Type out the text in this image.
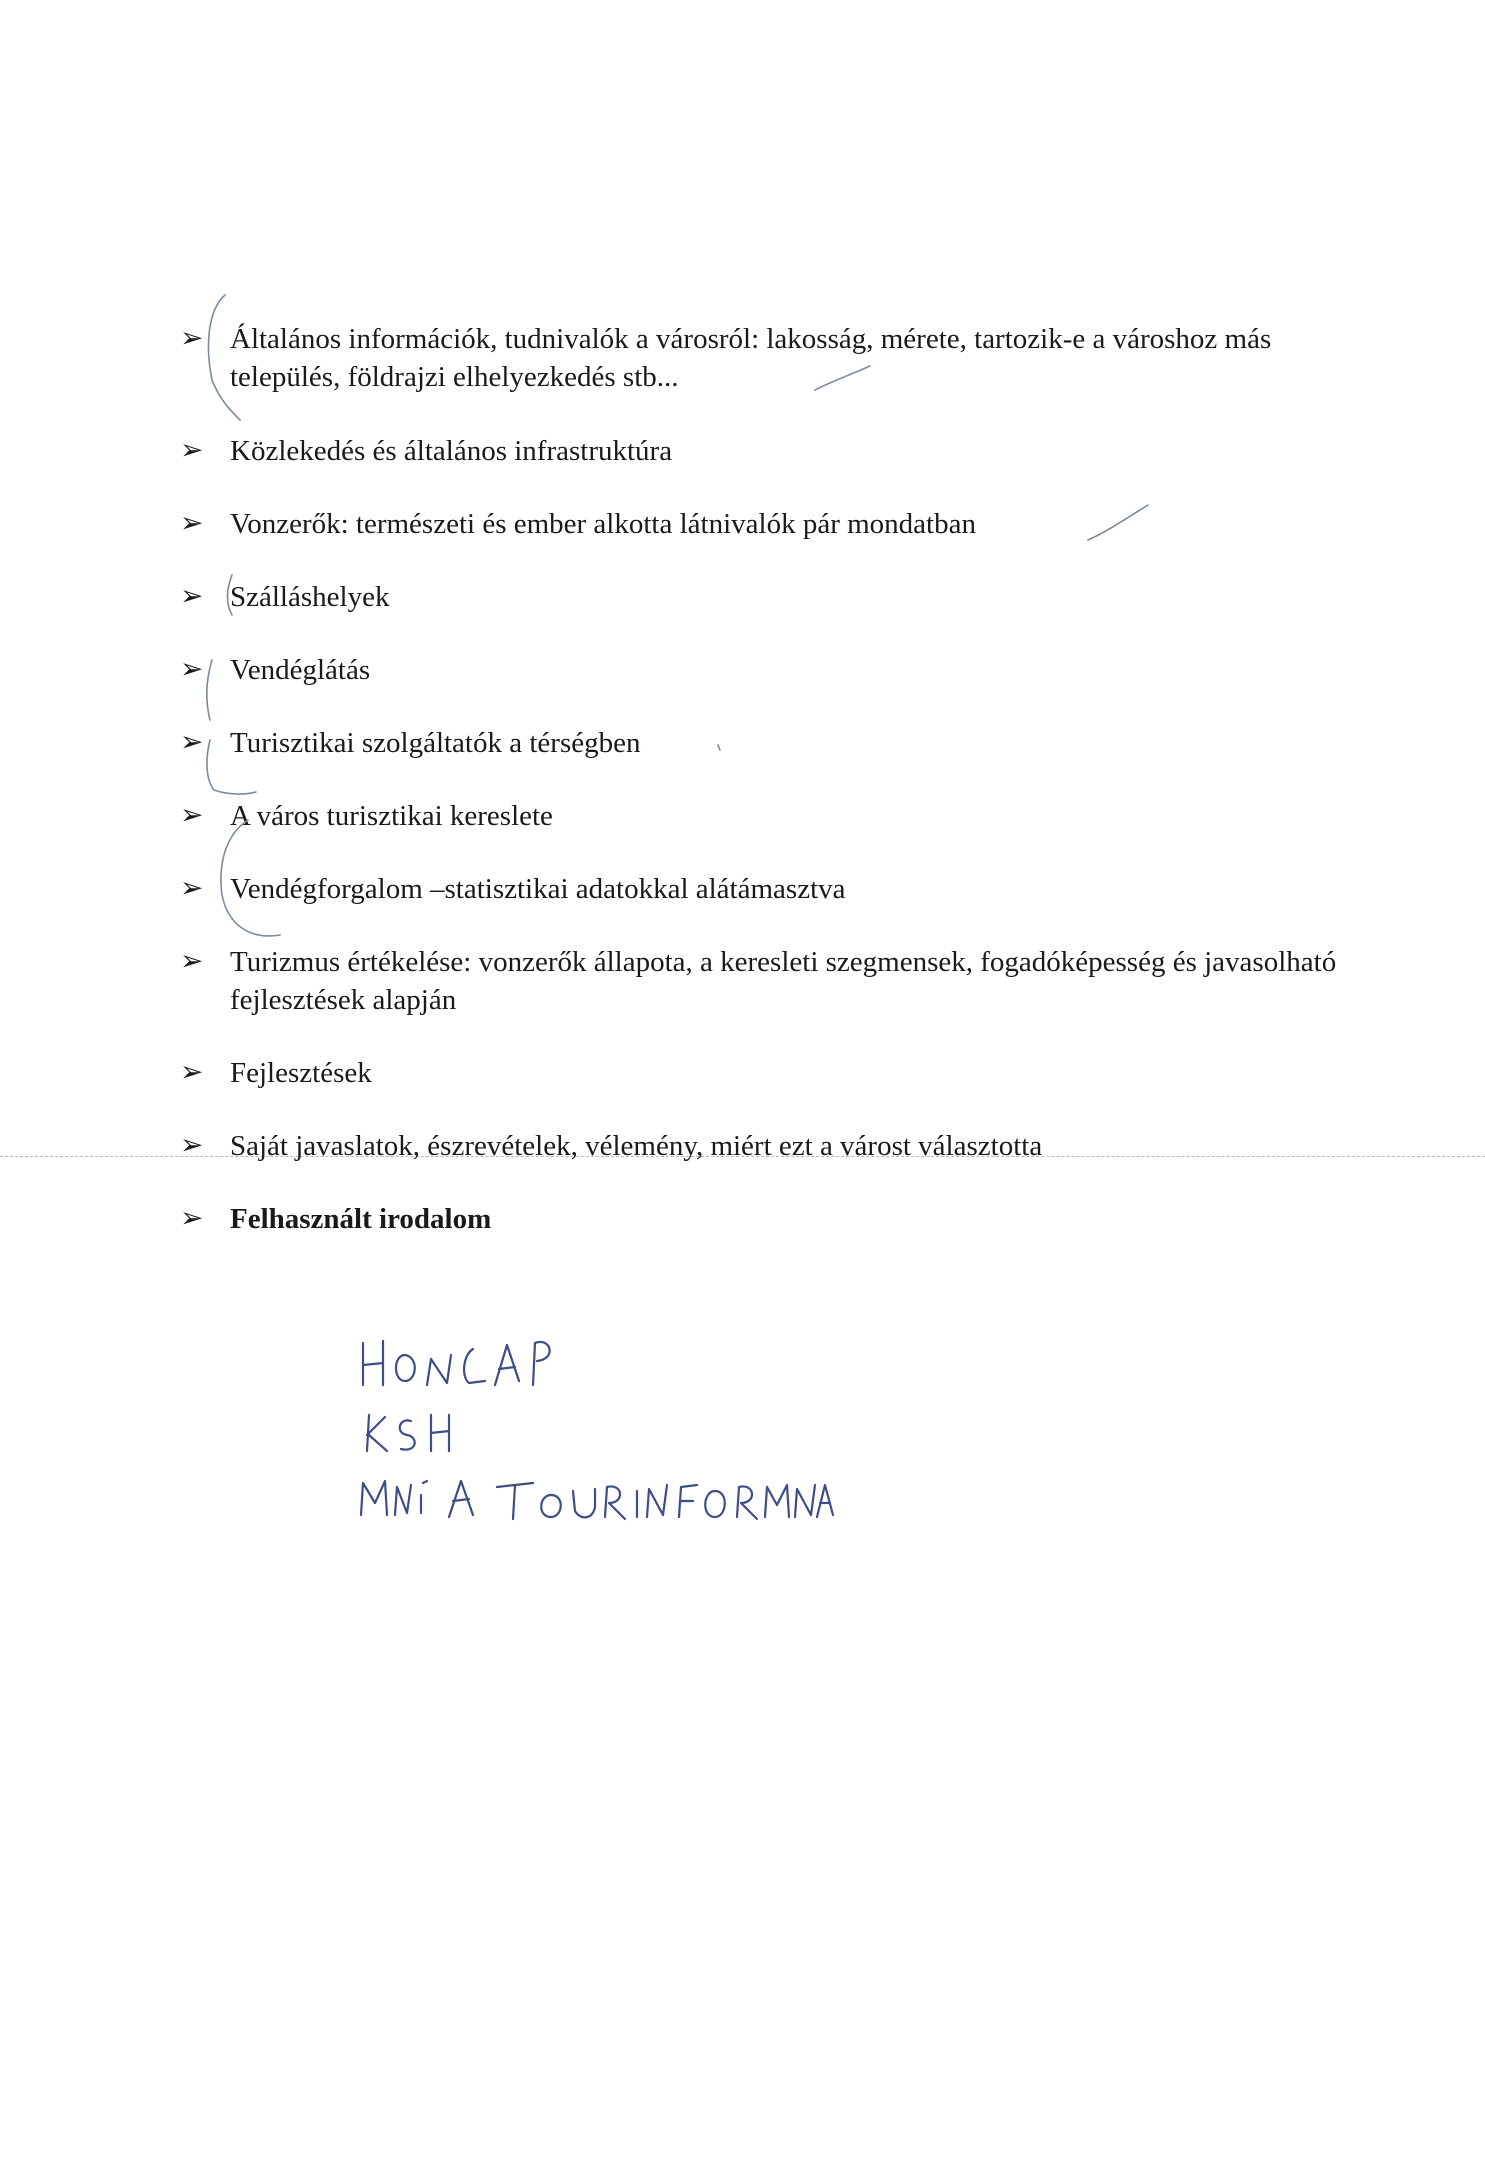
➢ Általános információk, tudnivalók a városról: lakosság, mérete, tartozik-e a városhoz más település, földrajzi elhelyezkedés stb...
➢ Közlekedés és általános infrastruktúra
➢ Vonzerők: természeti és ember alkotta látnivalók pár mondatban
➢ Szálláshelyek
➢ Vendéglátás
➢ Turisztikai szolgáltatók a térségben
➢ A város turisztikai kereslete
➢ Vendégforgalom –statisztikai adatokkal alátámasztva
➢ Turizmus értékelése: vonzerők állapota, a keresleti szegmensek, fogadóképesség és javasolható fejlesztések alapján
➢ Fejlesztések
➢ Saját javaslatok, észrevételek, vélemény, miért ezt a várost választotta
➢ Felhasznált irodalom
